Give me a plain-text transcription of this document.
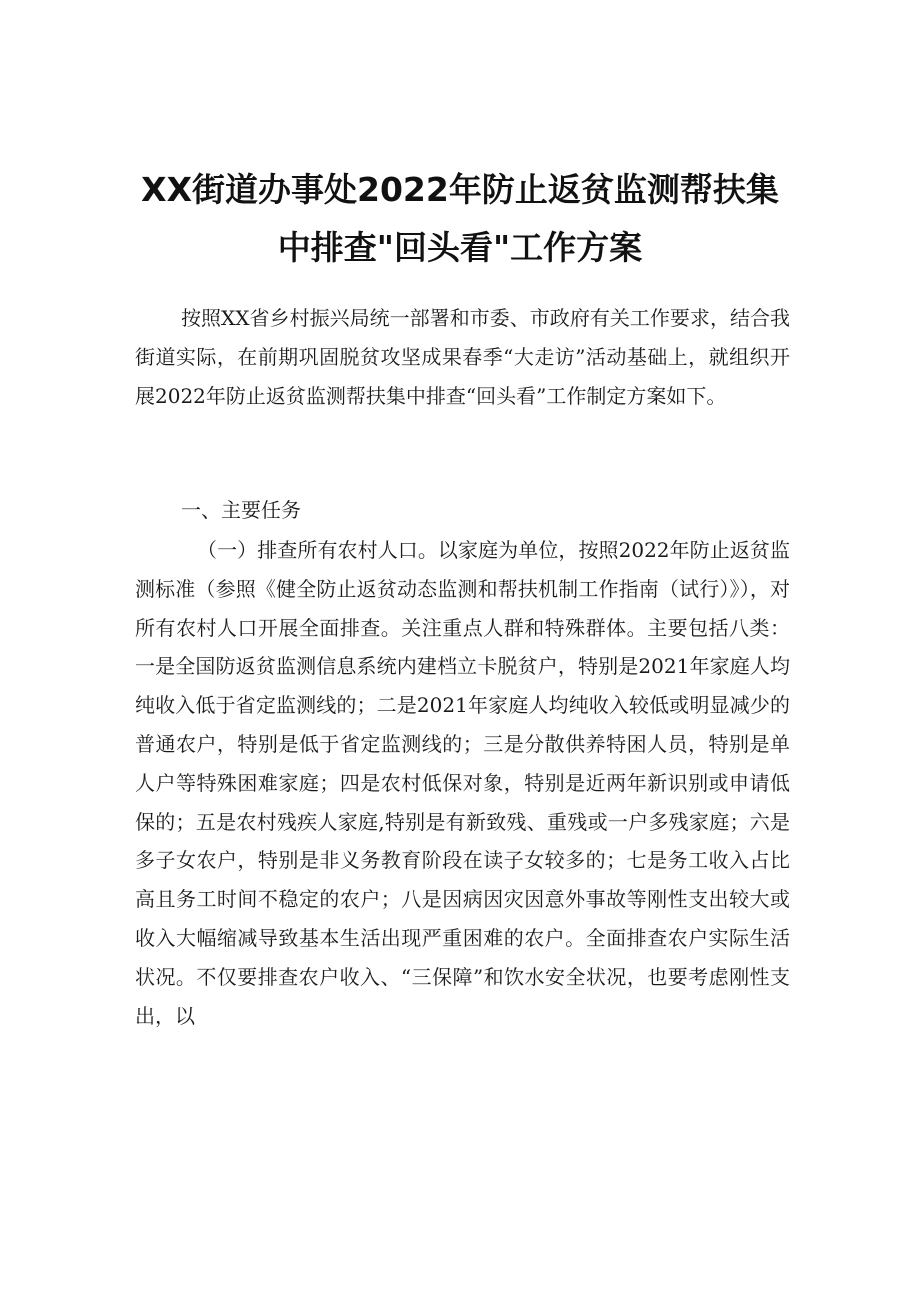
XX街道办事处2022年防止返贫监测帮扶集
中排查"回头看"工作方案

按照XX省乡村振兴局统一部署和市委、市政府有关工作要求，结合我街道实际，在前期巩固脱贫攻坚成果春季“大走访”活动基础上，就组织开展2022年防止返贫监测帮扶集中排查“回头看”工作制定方案如下。

一、主要任务

（一）排查所有农村人口。以家庭为单位，按照2022年防止返贫监测标准（参照《健全防止返贫动态监测和帮扶机制工作指南（试行）》），对所有农村人口开展全面排查。关注重点人群和特殊群体。主要包括八类：一是全国防返贫监测信息系统内建档立卡脱贫户，特别是2021年家庭人均纯收入低于省定监测线的；二是2021年家庭人均纯收入较低或明显减少的普通农户，特别是低于省定监测线的；三是分散供养特困人员，特别是单人户等特殊困难家庭；四是农村低保对象，特别是近两年新识别或申请低保的；五是农村残疾人家庭,特别是有新致残、重残或一户多残家庭；六是多子女农户，特别是非义务教育阶段在读子女较多的；七是务工收入占比高且务工时间不稳定的农户；八是因病因灾因意外事故等刚性支出较大或收入大幅缩减导致基本生活出现严重困难的农户。全面排查农户实际生活状况。不仅要排查农户收入、“三保障”和饮水安全状况，也要考虑刚性支出，以
